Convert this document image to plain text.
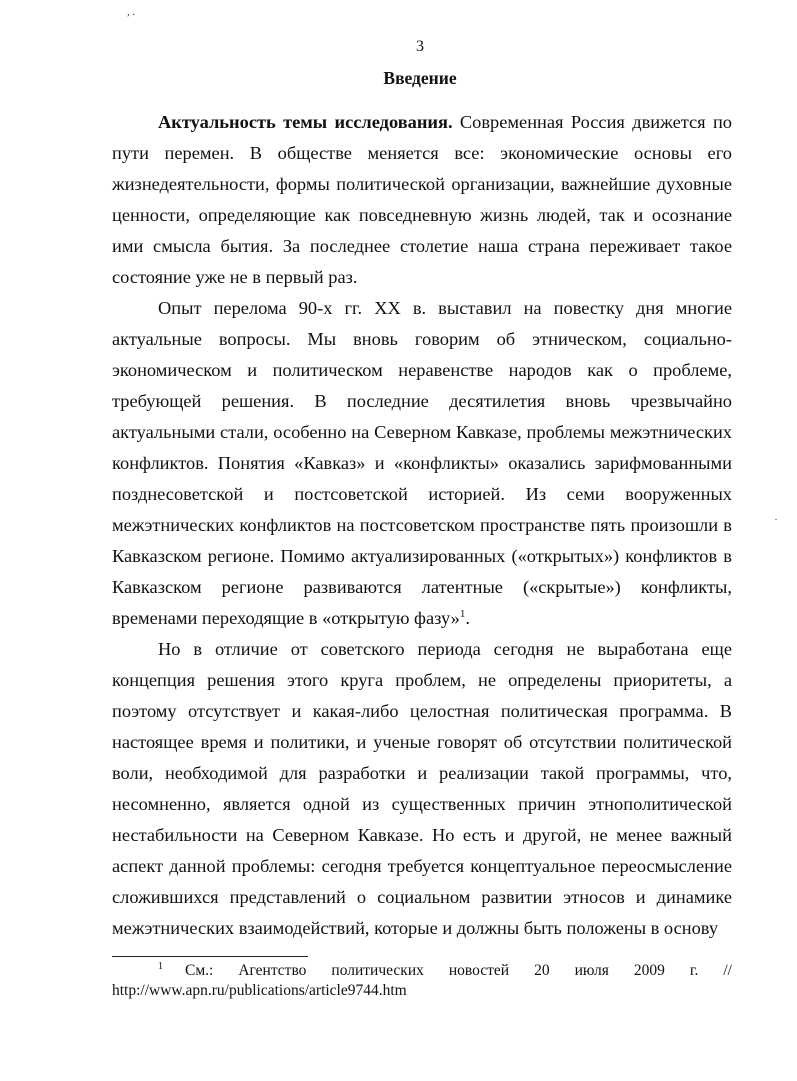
, .
3
Введение

Актуальность темы исследования. Современная Россия движется по пути перемен. В обществе меняется все: экономические основы его жизнедеятельности, формы политической организации, важнейшие духовные ценности, определяющие как повседневную жизнь людей, так и осознание ими смысла бытия. За последнее столетие наша страна переживает такое состояние уже не в первый раз.

Опыт перелома 90-х гг. XX в. выставил на повестку дня многие актуальные вопросы. Мы вновь говорим об этническом, социально-экономическом и политическом неравенстве народов как о проблеме, требующей решения. В последние десятилетия вновь чрезвычайно актуальными стали, особенно на Северном Кавказе, проблемы межэтнических конфликтов. Понятия «Кавказ» и «конфликты» оказались зарифмованными позднесоветской и постсоветской историей. Из семи вооруженных межэтнических конфликтов на постсоветском пространстве пять произошли в Кавказском регионе. Помимо актуализированных («открытых») конфликтов в Кавказском регионе развиваются латентные («скрытые») конфликты, временами переходящие в «открытую фазу»$^1$.

Но в отличие от советского периода сегодня не выработана еще концепция решения этого круга проблем, не определены приоритеты, а поэтому отсутствует и какая-либо целостная политическая программа. В настоящее время и политики, и ученые говорят об отсутствии политической воли, необходимой для разработки и реализации такой программы, что, несомненно, является одной из существенных причин этнополитической нестабильности на Северном Кавказе. Но есть и другой, не менее важный аспект данной проблемы: сегодня требуется концептуальное переосмысление сложившихся представлений о социальном развитии этносов и динамике межэтнических взаимодействий, которые и должны быть положены в основу

·
$^1$ См.: Агентство политических новостей 20 июля 2009 г. // http://www.apn.ru/publications/article9744.htm
